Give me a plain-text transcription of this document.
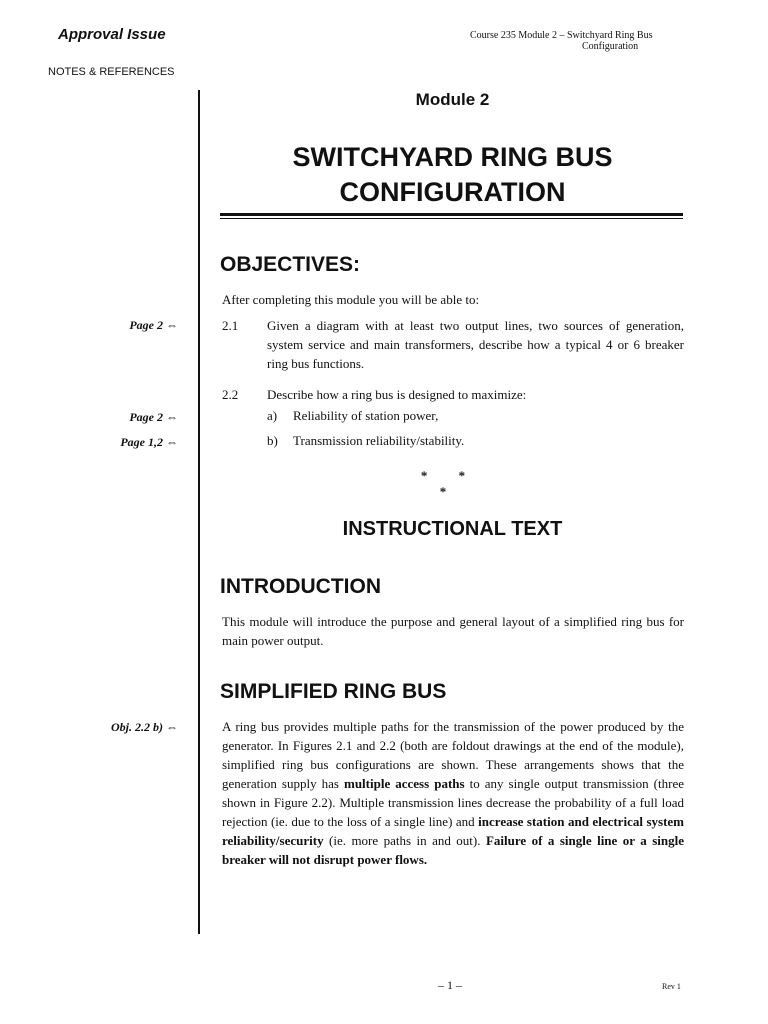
Approval Issue	Course 235 Module 2 – Switchyard Ring Bus
Configuration
NOTES & REFERENCES
Module 2
SWITCHYARD RING BUS
CONFIGURATION
OBJECTIVES:
After completing this module you will be able to:
Page 2 ⇔	2.1 Given a diagram with at least two output lines, two sources of generation, system service and main transformers, describe how a typical 4 or 6 breaker ring bus functions.
2.2 Describe how a ring bus is designed to maximize:
Page 2 ⇔	a) Reliability of station power,
Page 1,2 ⇔	b) Transmission reliability/stability.
* * *
INSTRUCTIONAL TEXT
INTRODUCTION
This module will introduce the purpose and general layout of a simplified ring bus for main power output.
SIMPLIFIED RING BUS
Obj. 2.2 b) ⇔	A ring bus provides multiple paths for the transmission of the power produced by the generator. In Figures 2.1 and 2.2 (both are foldout drawings at the end of the module), simplified ring bus configurations are shown. These arrangements shows that the generation supply has multiple access paths to any single output transmission (three shown in Figure 2.2). Multiple transmission lines decrease the probability of a full load rejection (ie. due to the loss of a single line) and increase station and electrical system reliability/security (ie. more paths in and out). Failure of a single line or a single breaker will not disrupt power flows.
– 1 –	Rev 1
